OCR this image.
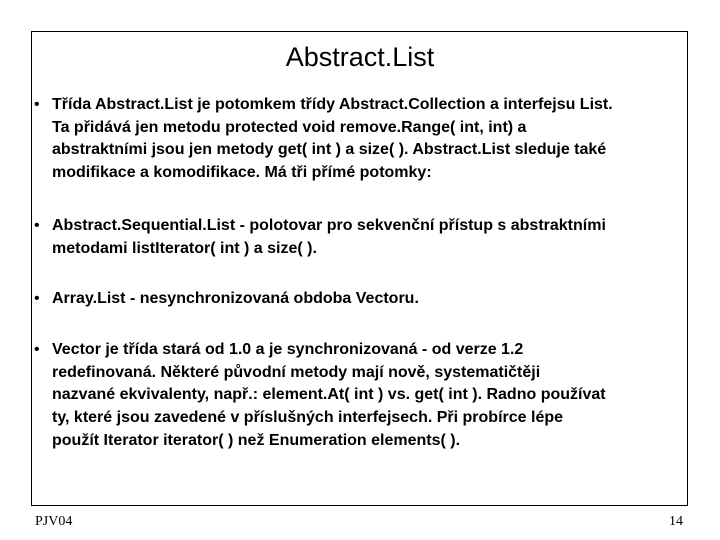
Abstract.List
• Třída Abstract.List je potomkem třídy Abstract.Collection a interfejsu List.
Ta přidává jen metodu protected void remove.Range( int, int) a
abstraktními jsou jen metody get( int ) a size( ). Abstract.List sleduje také
modifikace a komodifikace. Má tři přímé potomky:
• Abstract.Sequential.List - polotovar pro sekvenční přístup s abstraktními
metodami listIterator( int ) a size( ).
• Array.List - nesynchronizovaná obdoba Vectoru.
• Vector je třída stará od 1.0 a je synchronizovaná - od verze 1.2
redefinovaná. Některé původní metody mají nově, systematičtěji
nazvané ekvivalenty, např.: element.At( int ) vs. get( int ). Radno používat
ty, které jsou zavedené v příslušných interfejsech. Při probírce lépe
použít Iterator iterator( ) než Enumeration elements( ).
PJV04	14
